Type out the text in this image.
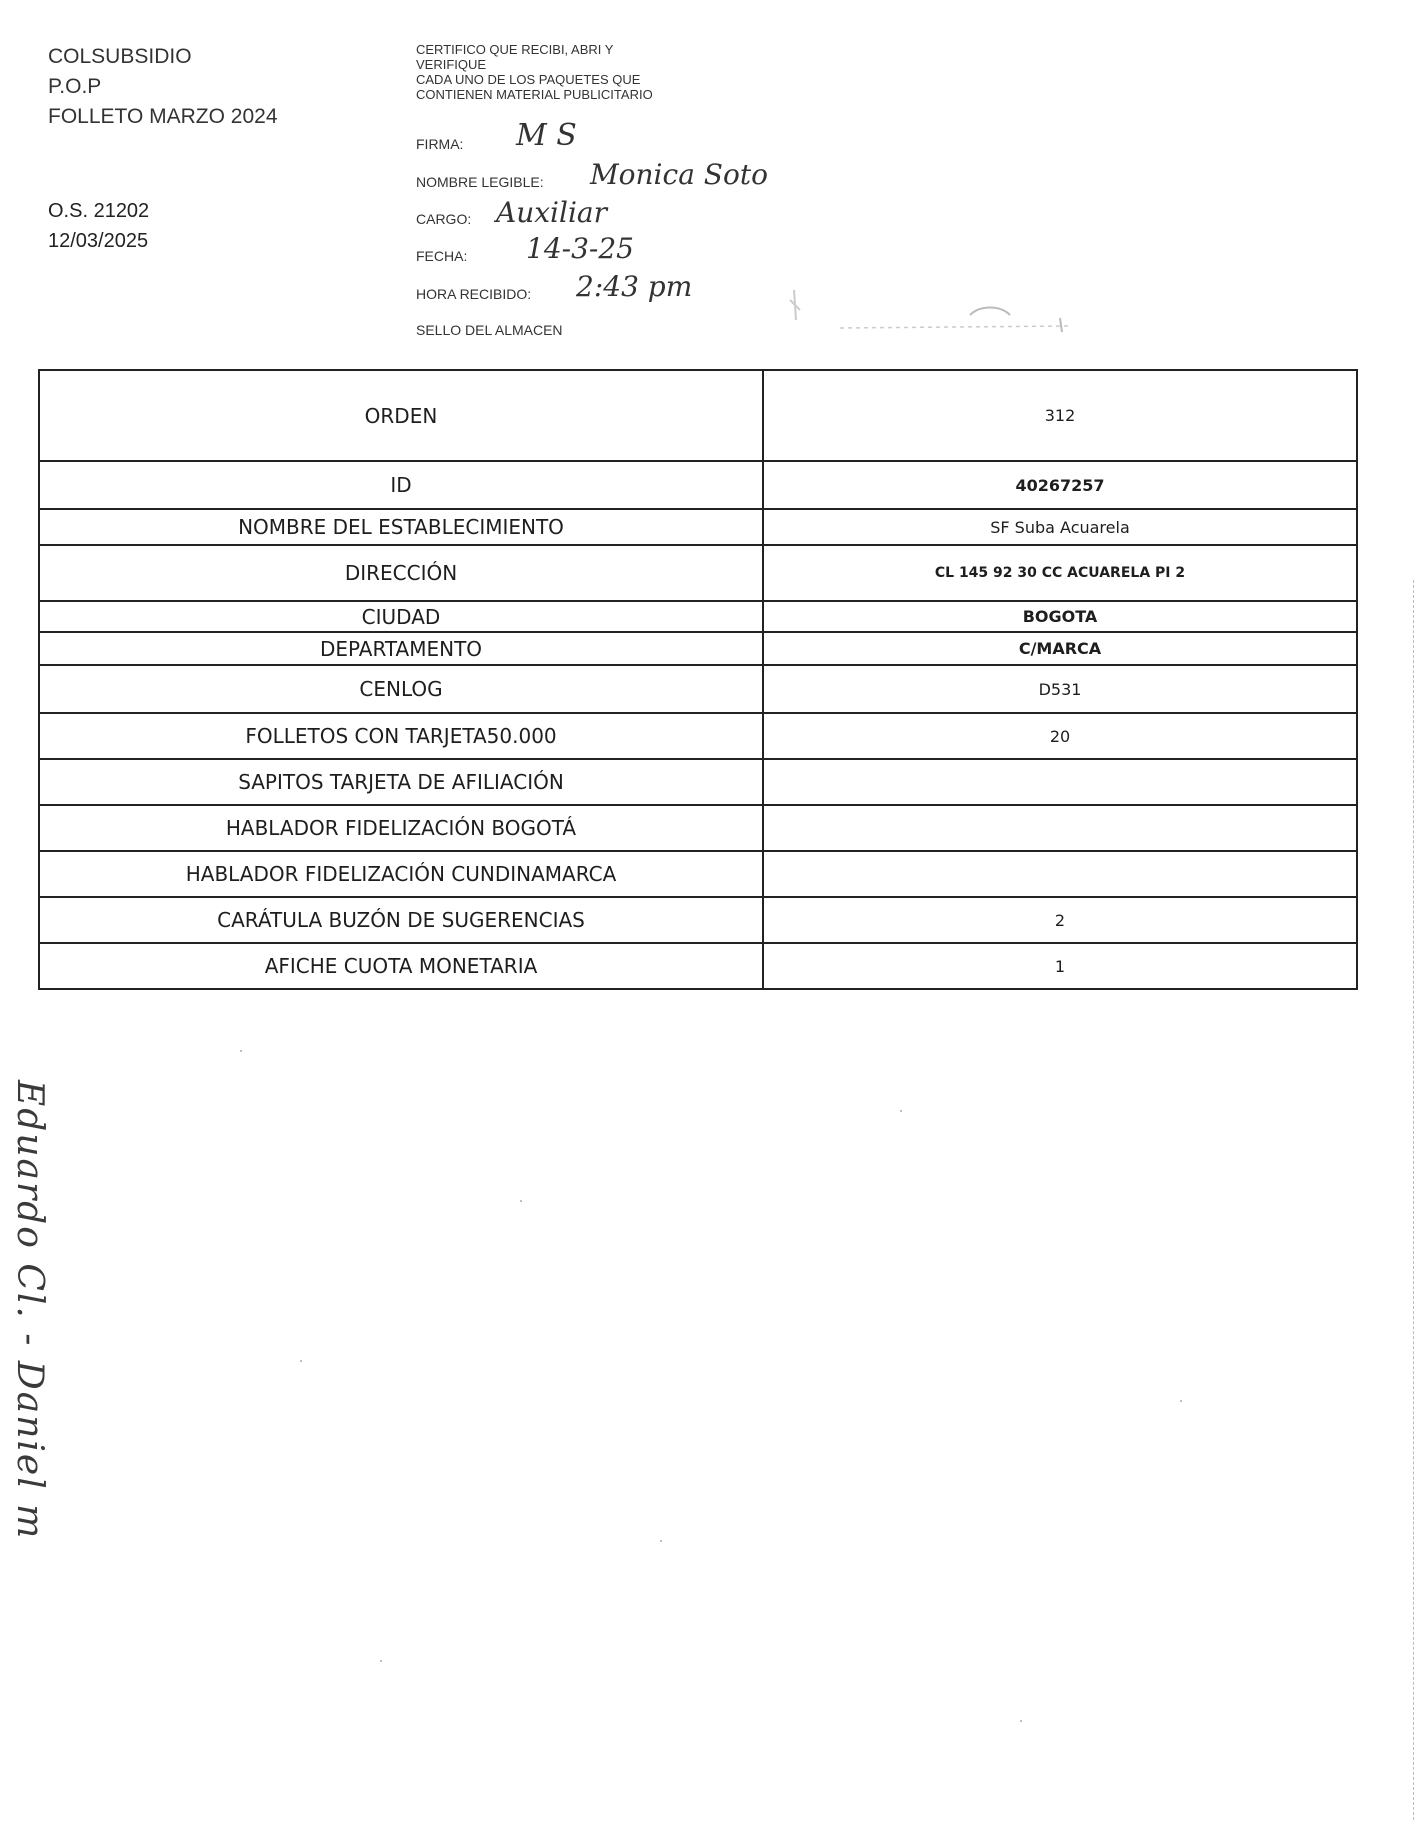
COLSUBSIDIO
P.O.P
FOLLETO MARZO 2024
O.S. 21202
12/03/2025
CERTIFICO QUE RECIBI, ABRI Y
VERIFIQUE
CADA UNO DE LOS PAQUETES QUE
CONTIENEN MATERIAL PUBLICITARIO
FIRMA: M S
NOMBRE LEGIBLE: Monica Soto
CARGO: Auxiliar
FECHA: 14-3-25
HORA RECIBIDO: 2:43 pm
SELLO DEL ALMACEN
ORDEN	312
ID	40267257
NOMBRE DEL ESTABLECIMIENTO	SF Suba Acuarela
DIRECCIÓN	CL 145 92 30 CC ACUARELA PI 2
CIUDAD	BOGOTA
DEPARTAMENTO	C/MARCA
CENLOG	D531
FOLLETOS CON TARJETA50.000	20
SAPITOS TARJETA DE AFILIACIÓN	
HABLADOR FIDELIZACIÓN BOGOTÁ	
HABLADOR FIDELIZACIÓN CUNDINAMARCA	
CARÁTULA BUZÓN DE SUGERENCIAS	2
AFICHE CUOTA MONETARIA	1
Eduardo Cl. - Daniel m
